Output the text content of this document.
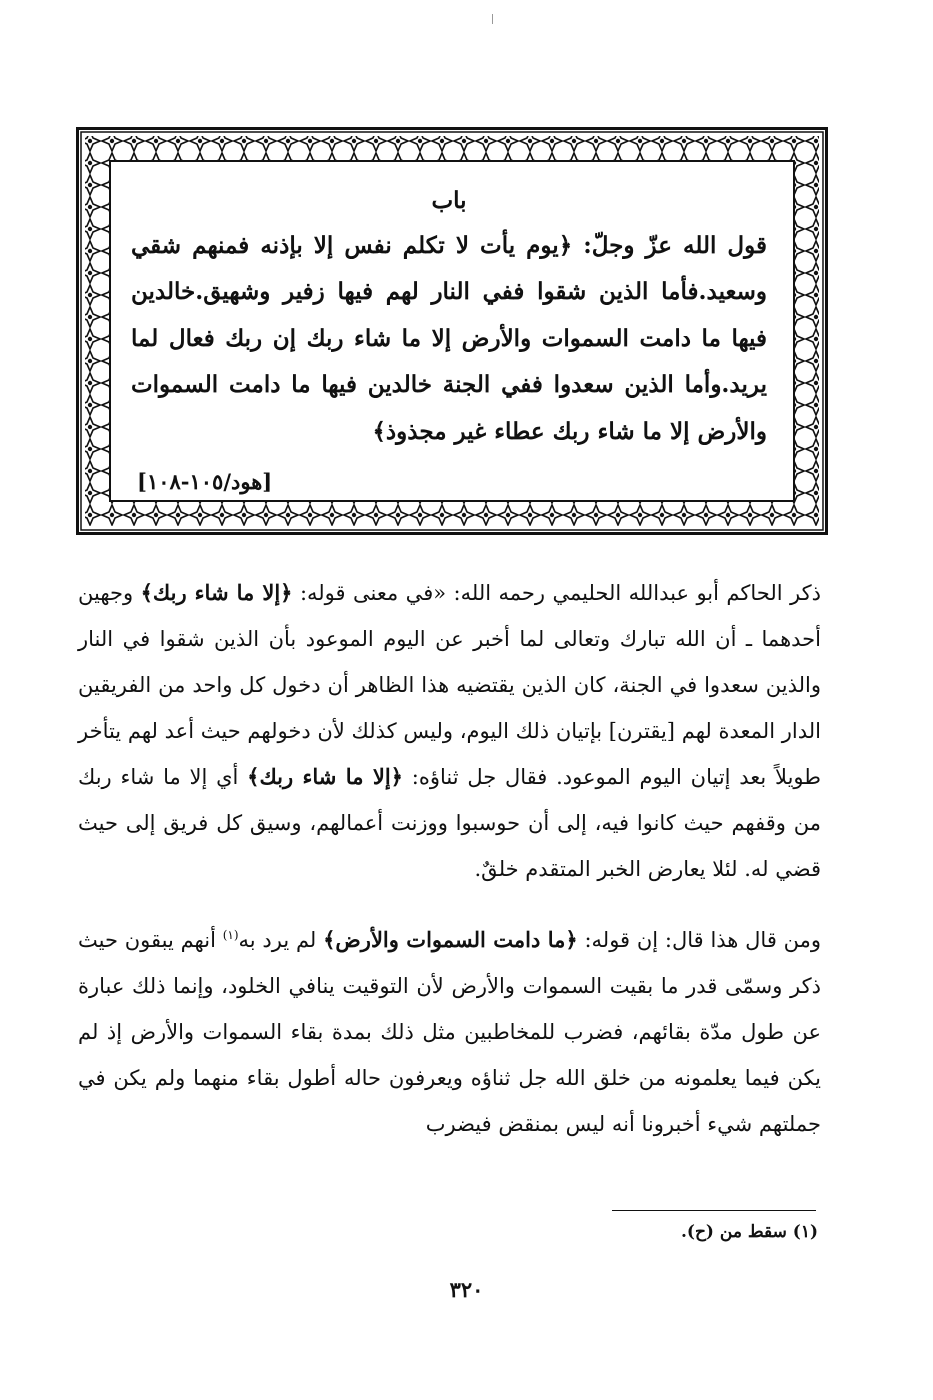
باب
قول الله عزّ وجلّ: ﴿يوم يأت لا تكلم نفس إلا بإذنه فمنهم شقي وسعيد.فأما الذين شقوا ففي النار لهم فيها زفير وشهيق.خالدين فيها ما دامت السموات والأرض إلا ما شاء ربك إن ربك فعال لما يريد.وأما الذين سعدوا ففي الجنة خالدين فيها ما دامت السموات والأرض إلا ما شاء ربك عطاء غير مجذوذ﴾
[هود/١٠٥-١٠٨]

ذكر الحاكم أبو عبدالله الحليمي رحمه الله: «في معنى قوله: ﴿إلا ما شاء ربك﴾ وجهين أحدهما ـ أن الله تبارك وتعالى لما أخبر عن اليوم الموعود بأن الذين شقوا في النار والذين سعدوا في الجنة، كان الذين يقتضيه هذا الظاهر أن دخول كل واحد من الفريقين الدار المعدة لهم [يقترن] بإتيان ذلك اليوم، وليس كذلك لأن دخولهم حيث أعد لهم يتأخر طويلاً بعد إتيان اليوم الموعود. فقال جل ثناؤه: ﴿إلا ما شاء ربك﴾ أي إلا ما شاء ربك من وقفهم حيث كانوا فيه، إلى أن حوسبوا ووزنت أعمالهم، وسيق كل فريق إلى حيث قضي له. لئلا يعارض الخبر المتقدم خلقٌ.

ومن قال هذا قال: إن قوله: ﴿ما دامت السموات والأرض﴾ لم يرد به$^{(١)}$ أنهم يبقون حيث ذكر وسمّى قدر ما بقيت السموات والأرض لأن التوقيت ينافي الخلود، وإنما ذلك عبارة عن طول مدّة بقائهم، فضرب للمخاطبين مثل ذلك بمدة بقاء السموات والأرض إذ لم يكن فيما يعلمونه من خلق الله جل ثناؤه ويعرفون حاله أطول بقاء منهما ولم يكن في جملتهم شيء أخبرونا أنه ليس بمنقض فيضرب

(١) سقط من (ح).
٣٢٠
